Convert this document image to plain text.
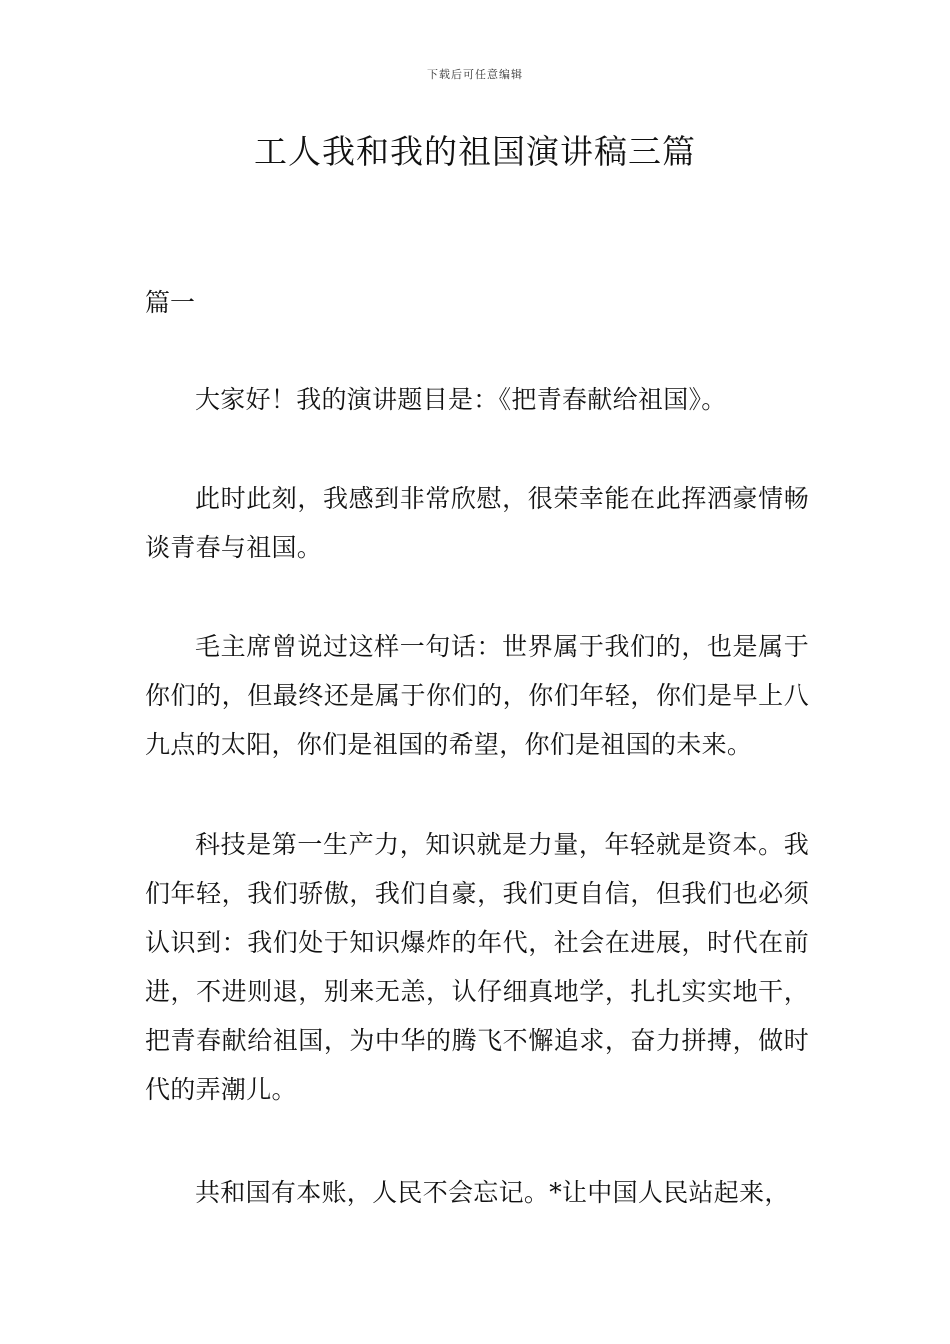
下载后可任意编辑
工人我和我的祖国演讲稿三篇

篇一

大家好！我的演讲题目是：《把青春献给祖国》。

此时此刻，我感到非常欣慰，很荣幸能在此挥洒豪情畅谈青春与祖国。

毛主席曾说过这样一句话：世界属于我们的，也是属于你们的，但最终还是属于你们的，你们年轻，你们是早上八九点的太阳，你们是祖国的希望，你们是祖国的未来。

科技是第一生产力，知识就是力量，年轻就是资本。我们年轻，我们骄傲，我们自豪，我们更自信，但我们也必须认识到：我们处于知识爆炸的年代，社会在进展，时代在前进，不进则退，别来无恙，认仔细真地学，扎扎实实地干，把青春献给祖国，为中华的腾飞不懈追求，奋力拼搏，做时代的弄潮儿。

共和国有本账，人民不会忘记。*让中国人民站起来，
